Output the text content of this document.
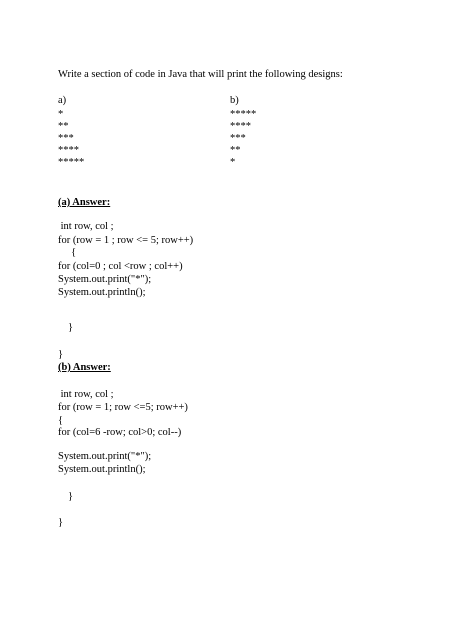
Write a section of code in Java that will print the following designs:
a)
*
**
***
****
*****
b)
*****
****
***
**
*
(a) Answer:
int row, col ;
for (row = 1 ; row <= 5; row++)
{
for (col=0 ; col <row ; col++)
System.out.print("*");
System.out.println();
}
}
(b) Answer:
int row, col ;
for (row = 1; row <=5; row++)
{
for (col=6 -row; col>0; col--)
System.out.print("*");
System.out.println();
}
}
